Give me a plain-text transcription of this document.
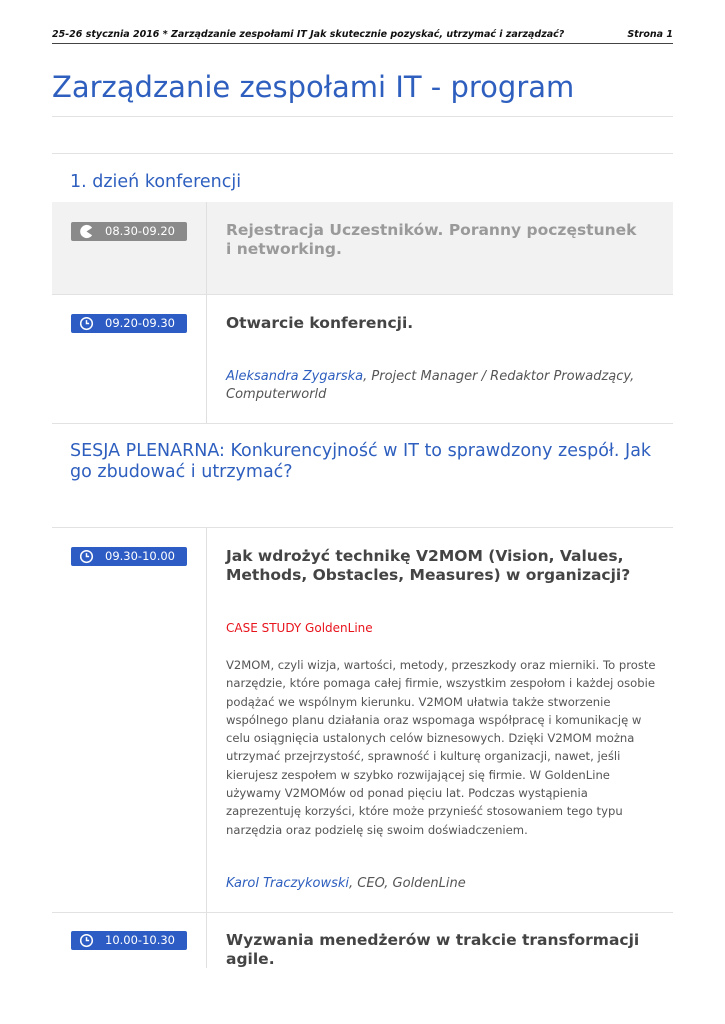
25-26 stycznia 2016 * Zarządzanie zespołami IT Jak skutecznie pozyskać, utrzymać i zarządzać?	Strona 1
Zarządzanie zespołami IT - program
1. dzień konferencji
08.30-09.20	Rejestracja Uczestników. Poranny poczęstunek i networking.
09.20-09.30	Otwarcie konferencji.
Aleksandra Zygarska, Project Manager / Redaktor Prowadzący, Computerworld
SESJA PLENARNA: Konkurencyjność w IT to sprawdzony zespół. Jak go zbudować i utrzymać?
09.30-10.00	Jak wdrożyć technikę V2MOM (Vision, Values, Methods, Obstacles, Measures) w organizacji?
CASE STUDY GoldenLine

V2MOM, czyli wizja, wartości, metody, przeszkody oraz mierniki. To proste narzędzie, które pomaga całej firmie, wszystkim zespołom i każdej osobie podążać we wspólnym kierunku. V2MOM ułatwia także stworzenie wspólnego planu działania oraz wspomaga współpracę i komunikację w celu osiągnięcia ustalonych celów biznesowych. Dzięki V2MOM można utrzymać przejrzystość, sprawność i kulturę organizacji, nawet, jeśli kierujesz zespołem w szybko rozwijającej się firmie. W GoldenLine używamy V2MOMów od ponad pięciu lat. Podczas wystąpienia zaprezentuję korzyści, które może przynieść stosowaniem tego typu narzędzia oraz podzielę się swoim doświadczeniem.

Karol Traczykowski, CEO, GoldenLine
10.00-10.30	Wyzwania menedżerów w trakcie transformacji agile.
